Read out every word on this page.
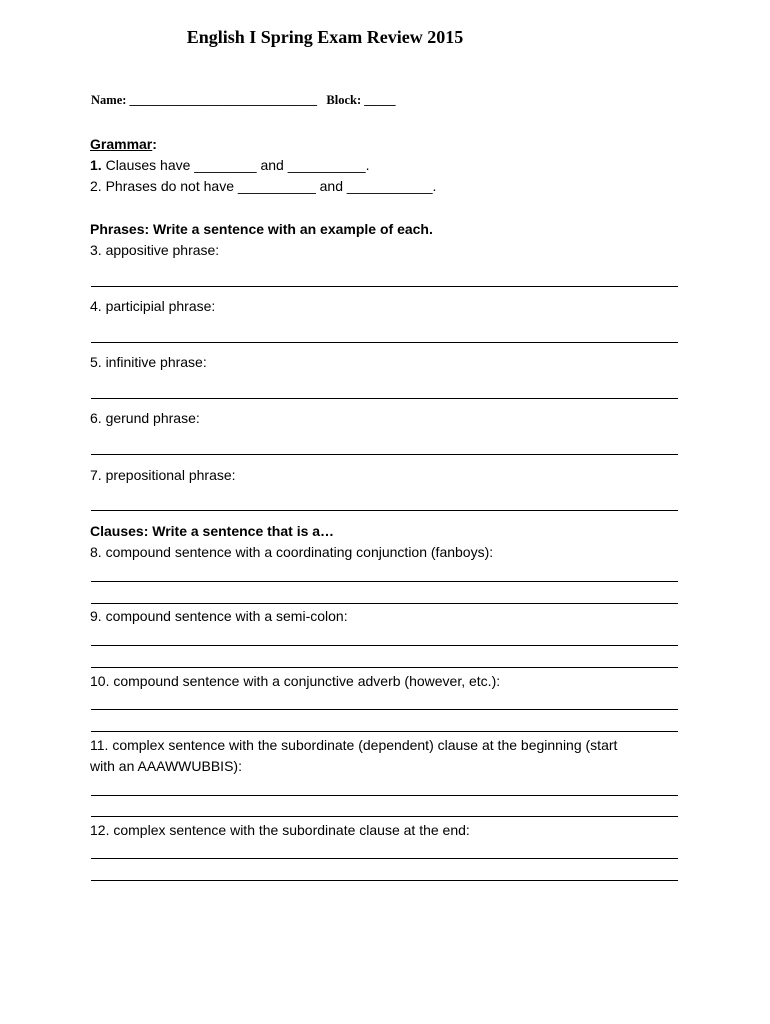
English I Spring Exam Review 2015
Name: ______________________________   Block: _____
Grammar:
1. Clauses have ________ and __________.
2. Phrases do not have __________ and ___________.
Phrases: Write a sentence with an example of each.
3. appositive phrase:
4. participial phrase:
5. infinitive phrase:
6. gerund phrase:
7. prepositional phrase:
Clauses: Write a sentence that is a…
8. compound sentence with a coordinating conjunction (fanboys):
9. compound sentence with a semi-colon:
10. compound sentence with a conjunctive adverb (however, etc.):
11. complex sentence with the subordinate (dependent) clause at the beginning (start
with an AAAWWUBBIS):
12. complex sentence with the subordinate clause at the end:
